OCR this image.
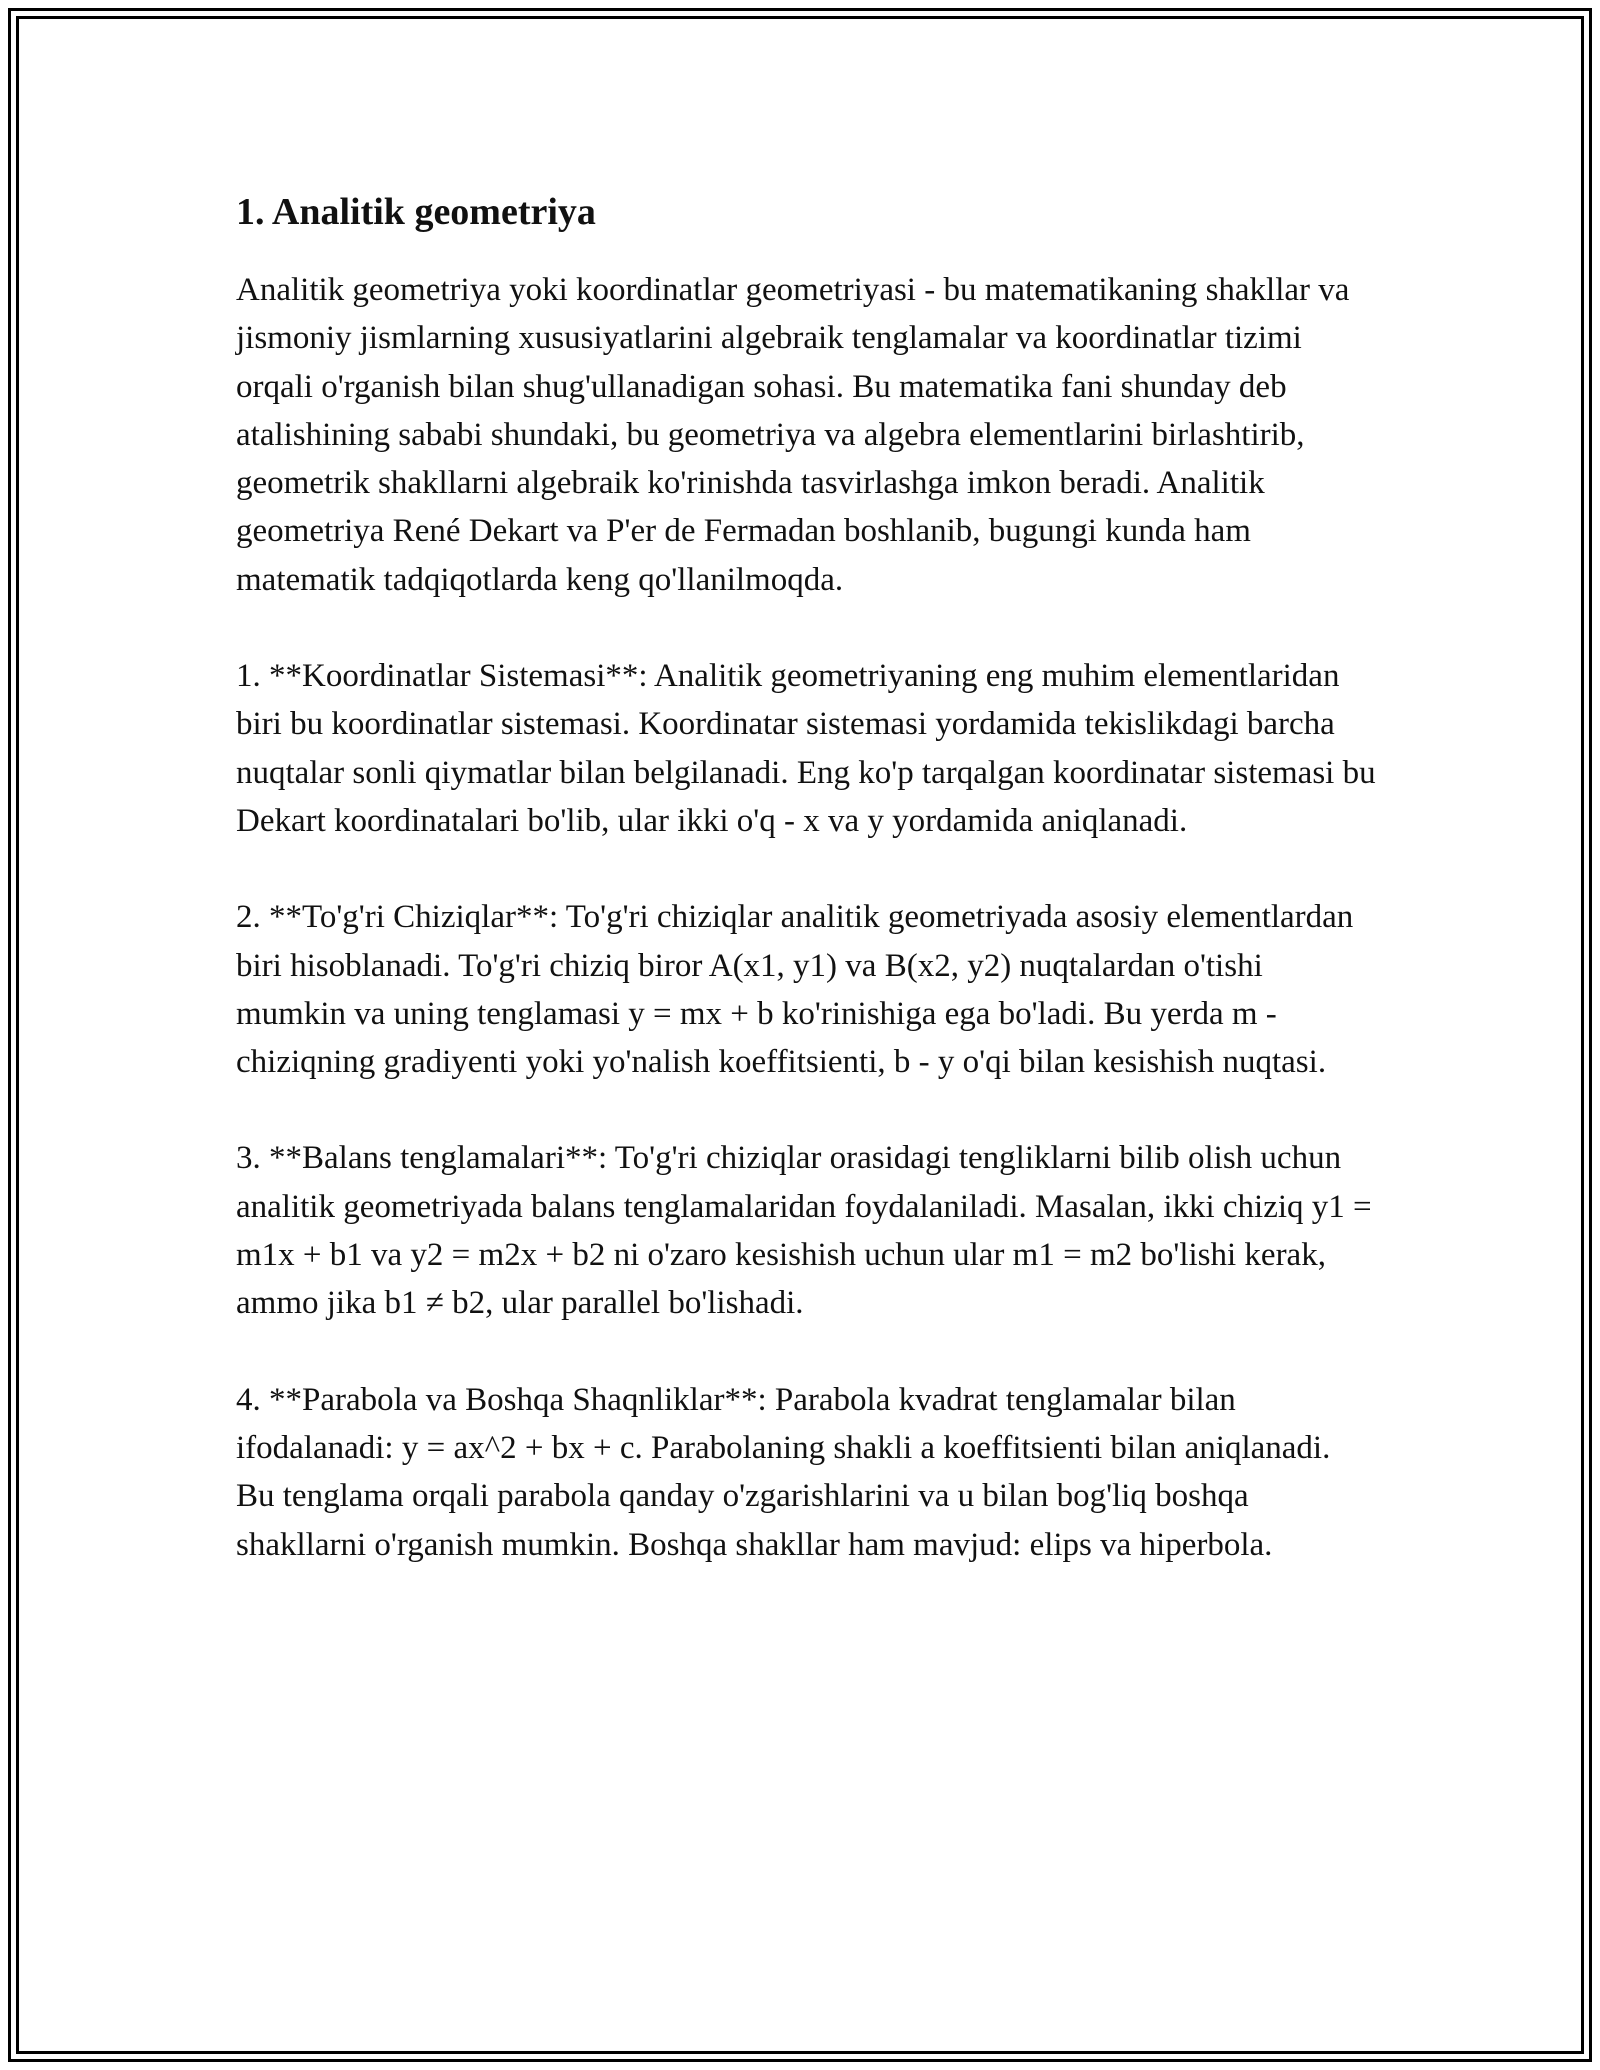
1. Analitik geometriya

Analitik geometriya yoki koordinatlar geometriyasi - bu matematikaning shakllar va jismoniy jismlarning xususiyatlarini algebraik tenglamalar va koordinatlar tizimi orqali o'rganish bilan shug'ullanadigan sohasi. Bu matematika fani shunday deb atalishining sababi shundaki, bu geometriya va algebra elementlarini birlashtirib, geometrik shakllarni algebraik ko'rinishda tasvirlashga imkon beradi. Analitik geometriya René Dekart va P'er de Fermadan boshlanib, bugungi kunda ham matematik tadqiqotlarda keng qo'llanilmoqda.

1. **Koordinatlar Sistemasi**: Analitik geometriyaning eng muhim elementlaridan biri bu koordinatlar sistemasi. Koordinatar sistemasi yordamida tekislikdagi barcha nuqtalar sonli qiymatlar bilan belgilanadi. Eng ko'p tarqalgan koordinatar sistemasi bu Dekart koordinatalari bo'lib, ular ikki o'q - x va y yordamida aniqlanadi.

2. **To'g'ri Chiziqlar**: To'g'ri chiziqlar analitik geometriyada asosiy elementlardan biri hisoblanadi. To'g'ri chiziq biror A(x1, y1) va B(x2, y2) nuqtalardan o'tishi mumkin va uning tenglamasi y = mx + b ko'rinishiga ega bo'ladi. Bu yerda m - chiziqning gradiyenti yoki yo'nalish koeffitsienti, b - y o'qi bilan kesishish nuqtasi.

3. **Balans tenglamalari**: To'g'ri chiziqlar orasidagi tengliklarni bilib olish uchun analitik geometriyada balans tenglamalaridan foydalaniladi. Masalan, ikki chiziq y1 = m1x + b1 va y2 = m2x + b2 ni o'zaro kesishish uchun ular m1 = m2 bo'lishi kerak, ammo jika b1 ≠ b2, ular parallel bo'lishadi.

4. **Parabola va Boshqa Shaqnliklar**: Parabola kvadrat tenglamalar bilan ifodalanadi: y = ax^2 + bx + c. Parabolaning shakli a koeffitsienti bilan aniqlanadi. Bu tenglama orqali parabola qanday o'zgarishlarini va u bilan bog'liq boshqa shakllarni o'rganish mumkin. Boshqa shakllar ham mavjud: elips va hiperbola.
